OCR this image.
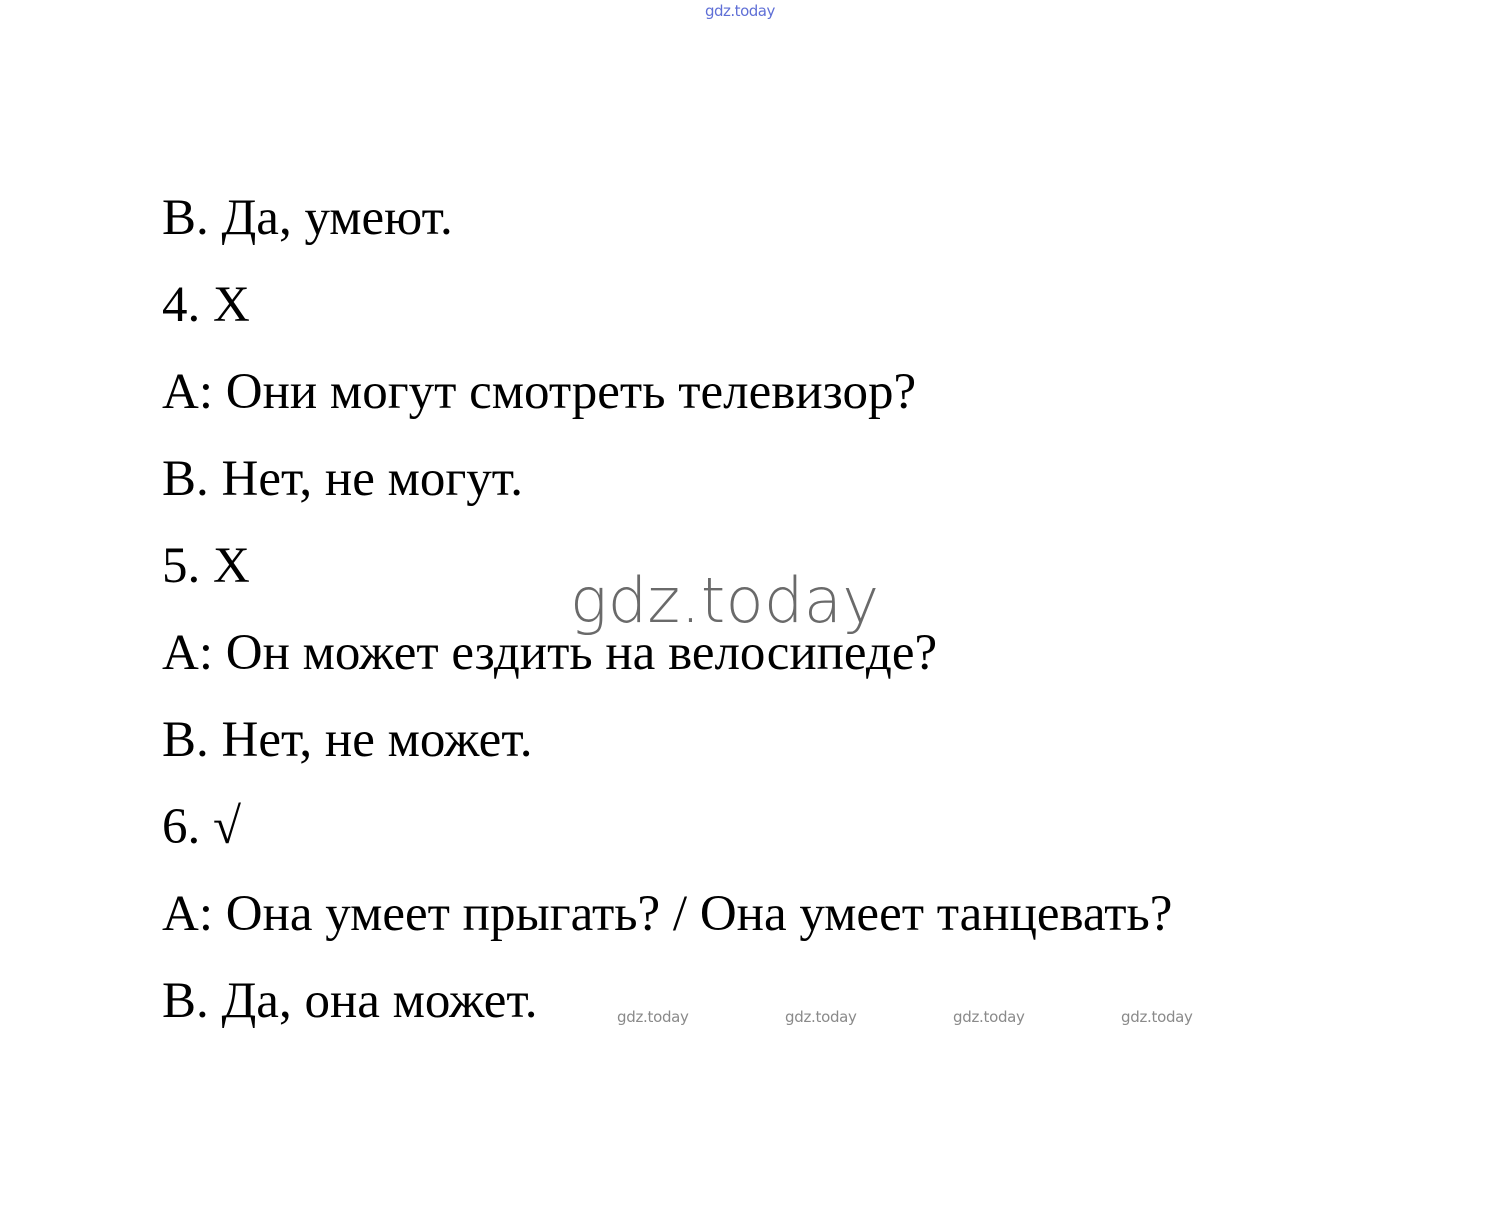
gdz.today

В. Да, умеют.

4. Х

А: Они могут смотреть телевизор?

В. Нет, не могут.

5. Х

А: Он может ездить на велосипеде?

В. Нет, не может.

6. √

А: Она умеет прыгать? / Она умеет танцевать?

В. Да, она может.

gdz.today
gdz.today	gdz.today	gdz.today	gdz.today
